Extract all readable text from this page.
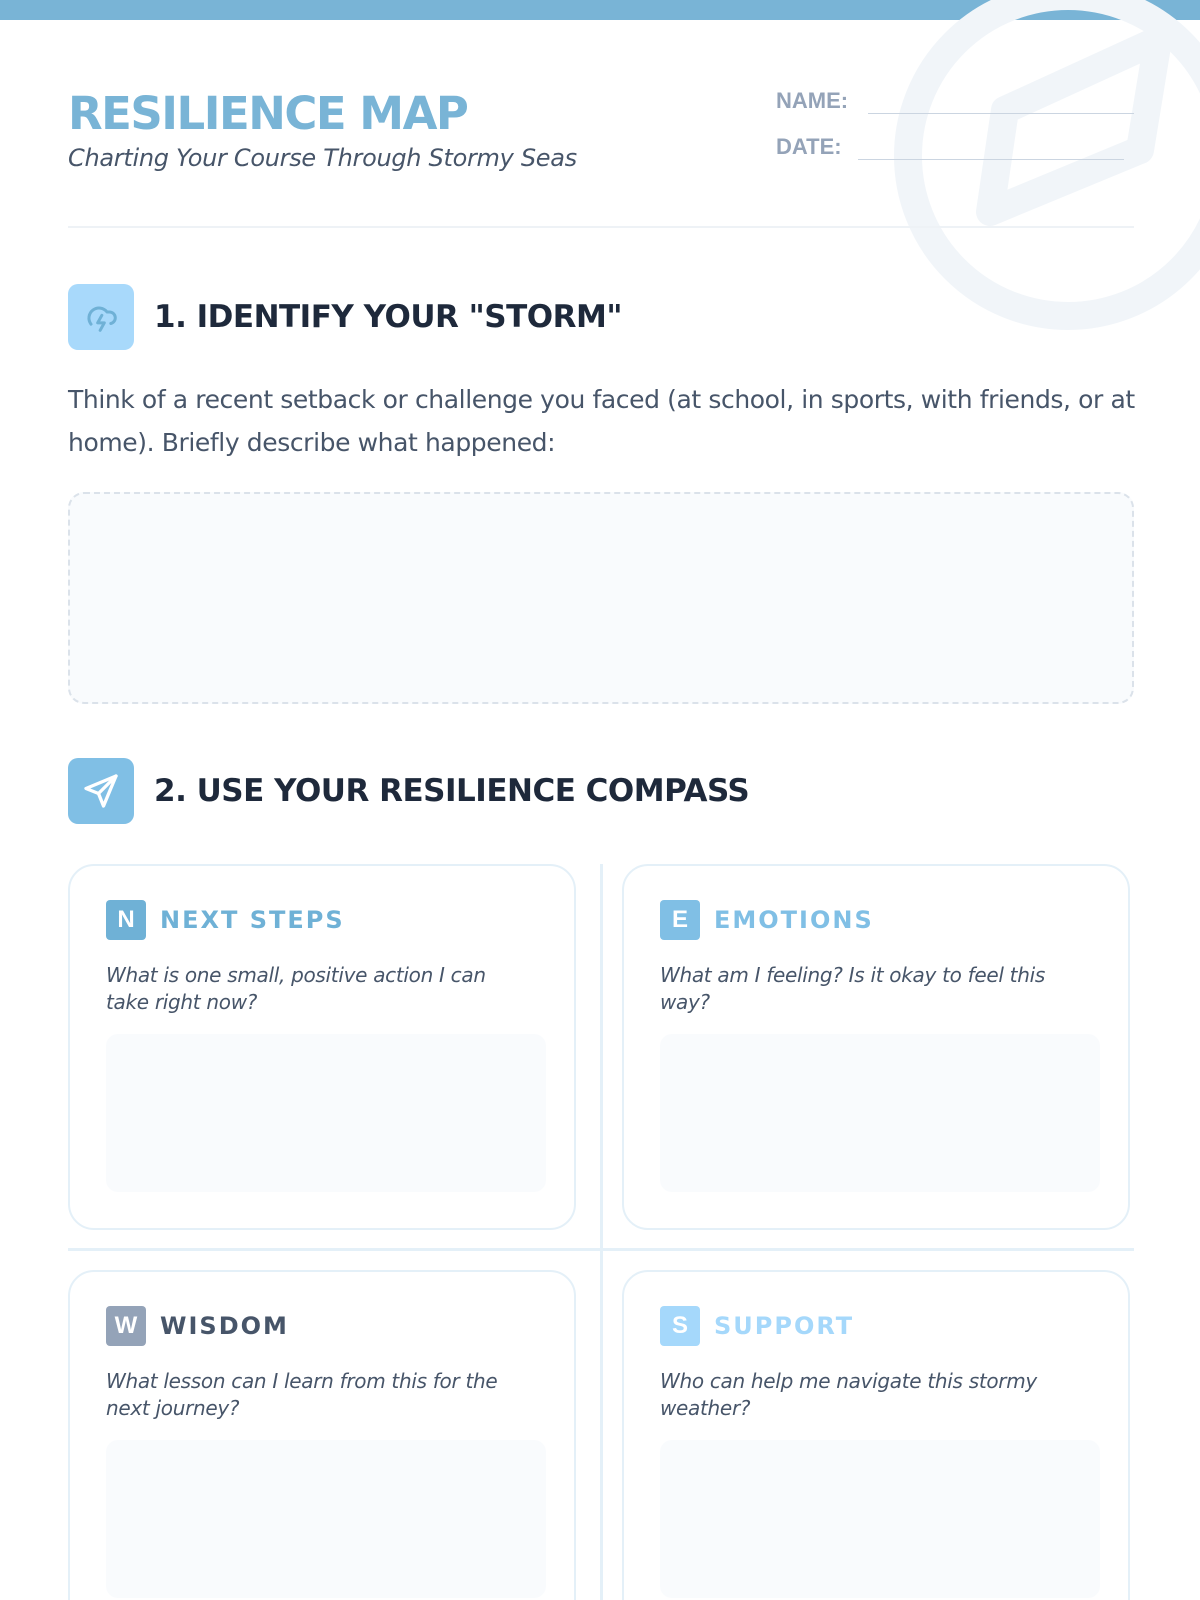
RESILIENCE MAP
Charting Your Course Through Stormy Seas
NAME:
DATE:
1. IDENTIFY YOUR "STORM"
Think of a recent setback or challenge you faced (at school, in sports, with friends, or at home). Briefly describe what happened:
2. USE YOUR RESILIENCE COMPASS
N	NEXT STEPS
What is one small, positive action I can take right now?
E	EMOTIONS
What am I feeling? Is it okay to feel this way?
W WISDOM
What lesson can I learn from this for the next journey?
S	SUPPORT
Who can help me navigate this stormy weather?
